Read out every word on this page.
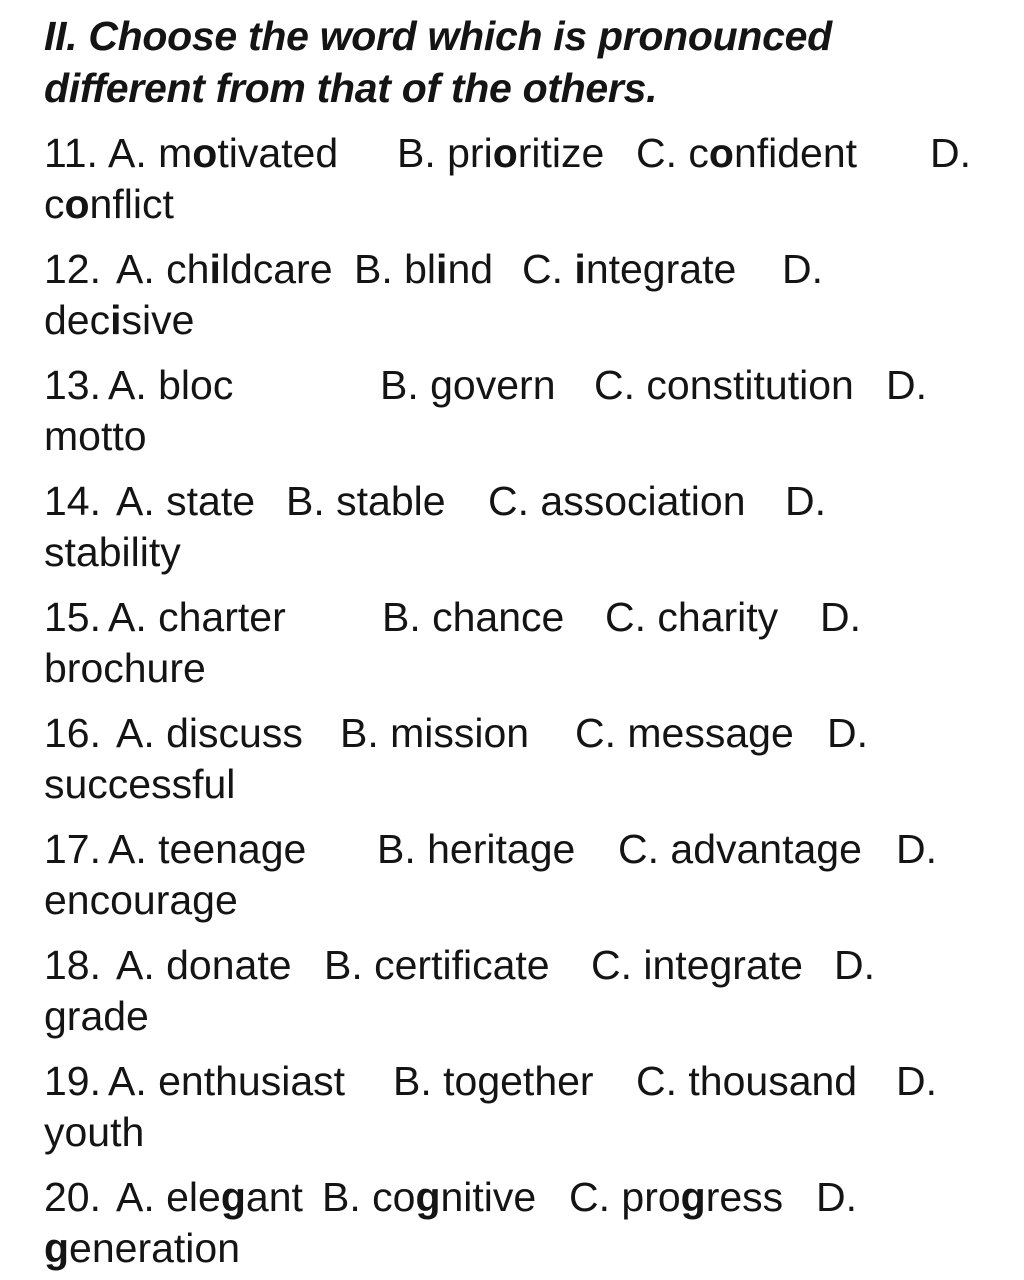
II. Choose the word which is pronounced different from that of the others.
11. A. motivated B. prioritize C. confident D.
conflict
12. A. childcare B. blind C. integrate D.
decisive
13. A. bloc	B. govern C. constitution D.
motto
14. A. state B. stable C. association D.
stability
15. A. charter B. chance C. charity D.
brochure
16. A. discuss B. mission C. message D.
successful
17. A. teenage B. heritage C. advantage D.
encourage
18. A. donate B. certificate C. integrate D.
grade
19. A. enthusiast B. together C. thousand D.
youth
20. A. elegant B. cognitive C. progress D.
generation
